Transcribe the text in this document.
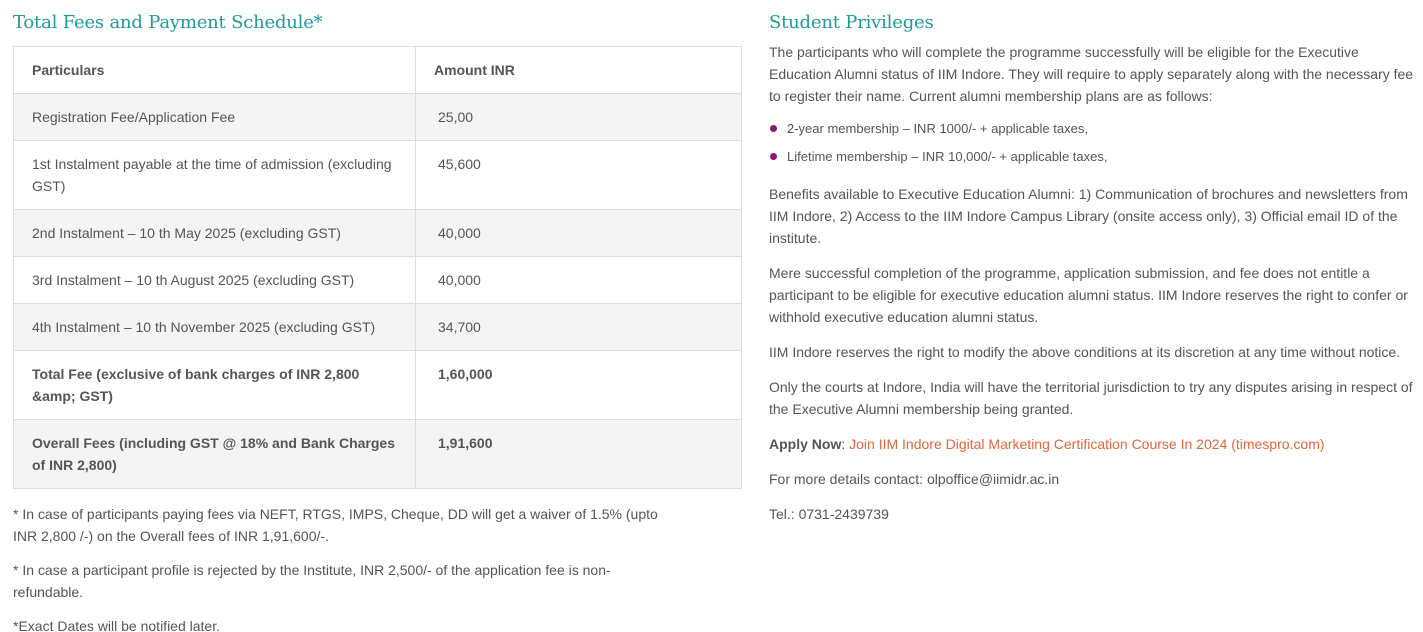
Total Fees and Payment Schedule*
Particulars	Amount INR
Registration Fee/Application Fee	25,00
1st Instalment payable at the time of admission (excluding GST)	45,600
2nd Instalment – 10 th May 2025 (excluding GST)	40,000
3rd Instalment – 10 th August 2025 (excluding GST)	40,000
4th Instalment – 10 th November 2025 (excluding GST)	34,700
Total Fee (exclusive of bank charges of INR 2,800 &amp; GST)	1,60,000
Overall Fees (including GST @ 18% and Bank Charges of INR 2,800)	1,91,600

* In case of participants paying fees via NEFT, RTGS, IMPS, Cheque, DD will get a waiver of 1.5% (upto INR 2,800 /-) on the Overall fees of INR 1,91,600/-.

* In case a participant profile is rejected by the Institute, INR 2,500/- of the application fee is non-refundable.

*Exact Dates will be notified later.

Student Privileges

The participants who will complete the programme successfully will be eligible for the Executive Education Alumni status of IIM Indore. They will require to apply separately along with the necessary fee to register their name. Current alumni membership plans are as follows:

2-year membership – INR 1000/- + applicable taxes,
Lifetime membership – INR 10,000/- + applicable taxes,

Benefits available to Executive Education Alumni: 1) Communication of brochures and newsletters from IIM Indore, 2) Access to the IIM Indore Campus Library (onsite access only), 3) Official email ID of the institute.

Mere successful completion of the programme, application submission, and fee does not entitle a participant to be eligible for executive education alumni status. IIM Indore reserves the right to confer or withhold executive education alumni status.

IIM Indore reserves the right to modify the above conditions at its discretion at any time without notice.

Only the courts at Indore, India will have the territorial jurisdiction to try any disputes arising in respect of the Executive Alumni membership being granted.

Apply Now: Join IIM Indore Digital Marketing Certification Course In 2024 (timespro.com)

For more details contact: olpoffice@iimidr.ac.in

Tel.: 0731-2439739
